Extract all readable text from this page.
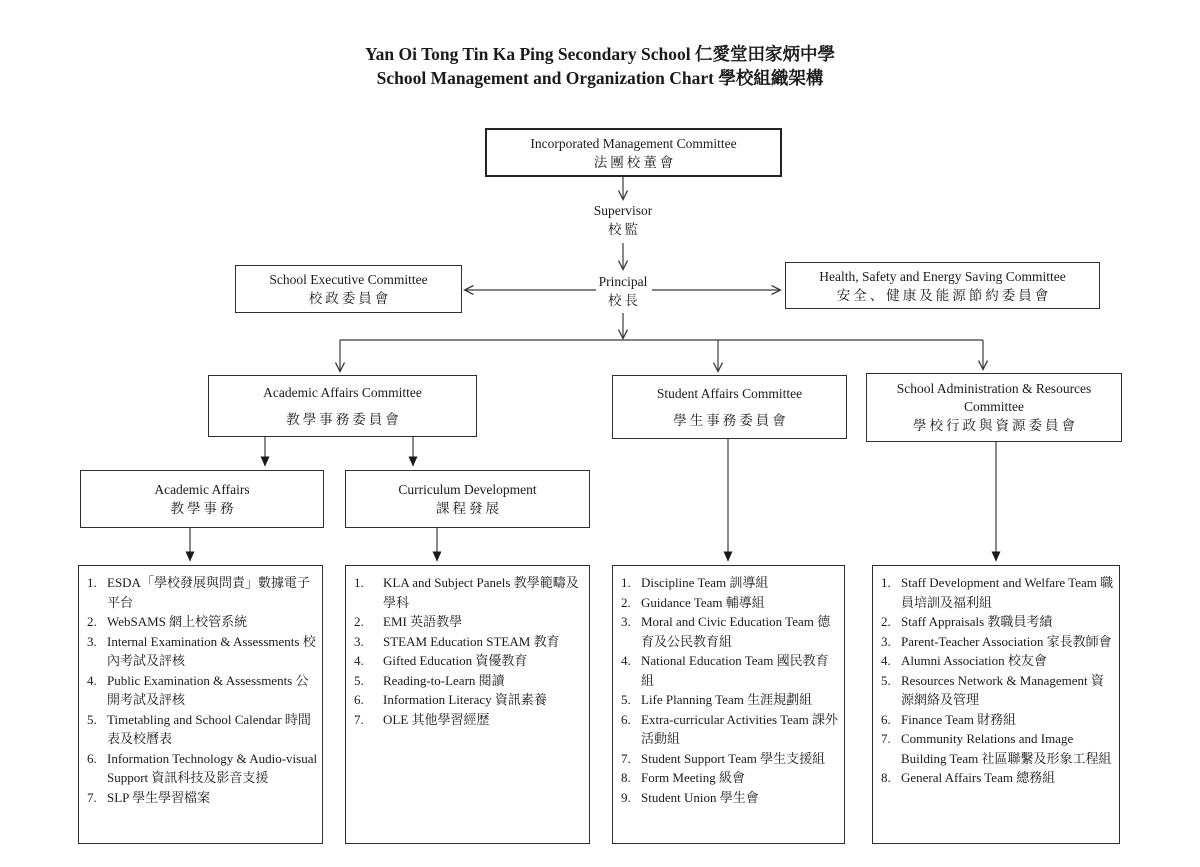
Yan Oi Tong Tin Ka Ping Secondary School 仁愛堂田家炳中學
School Management and Organization Chart 學校組織架構
Incorporated Management Committee
法團校董會
Supervisor
校監
Principal
校長
School Executive Committee
校政委員會
Health, Safety and Energy Saving Committee
安全、健康及能源節約委員會
Academic Affairs Committee
教學事務委員會
Student Affairs Committee
學生事務委員會
School Administration & Resources Committee
學校行政與資源委員會
Academic Affairs
教學事務
Curriculum Development
課程發展
1. ESDA「學校發展與問責」數據電子平台
2. WebSAMS 網上校管系統
3. Internal Examination & Assessments 校內考試及評核
4. Public Examination & Assessments 公開考試及評核
5. Timetabling and School Calendar 時間表及校曆表
6. Information Technology & Audio-visual Support 資訊科技及影音支援
7. SLP 學生學習檔案
1.	KLA and Subject Panels 教學範疇及學科
2.	EMI 英語教學
3.	STEAM Education STEAM 教育
4.	Gifted Education 資優教育
5.	Reading-to-Learn 閱讀
6.	Information Literacy 資訊素養
7.	OLE 其他學習經歷
1. Discipline Team 訓導組
2. Guidance Team 輔導組
3. Moral and Civic Education Team 德育及公民教育組
4. National Education Team 國民教育組
5. Life Planning Team 生涯規劃組
6. Extra-curricular Activities Team 課外活動組
7. Student Support Team 學生支援組
8. Form Meeting 級會
9. Student Union 學生會
1. Staff Development and Welfare Team 職員培訓及福利組
2. Staff Appraisals 教職員考績
3. Parent-Teacher Association 家長教師會
4. Alumni Association 校友會
5. Resources Network & Management 資源網絡及管理
6. Finance Team 財務組
7. Community Relations and Image Building Team 社區聯繫及形象工程組
8. General Affairs Team 總務組
